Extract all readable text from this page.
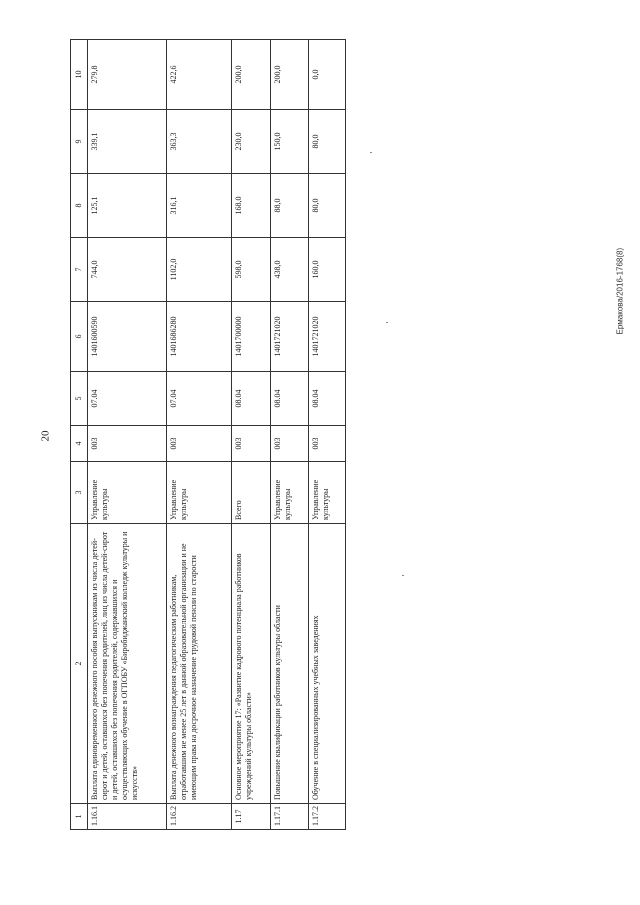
20
Ермакова/2016-1768(8)
1	2	3	4	5	6	7	8	9	10
1.16.1	Выплата единовременного денежного пособия выпускникам из числа детей-сирот и детей, оставшихся без попечения родителей, лиц из числа детей-сирот и детей, оставшихся без попечения родителей, содержавшихся и осуществляющих обучение в ОГПОБУ «Биробиджанский колледж культуры и искусств»	Управление культуры	003	07.04	1401600590	744,0	125,1	339,1	279,8
1.16.2	Выплата денежного вознаграждения педагогическим работникам, отработавшим не менее 25 лет в данной образовательной организации и не имеющим права на досрочное назначение трудовой пенсии по старости	Управление культуры	003	07.04	1401686280	1102,0	316,1	363,3	422,6
1.17	Основное мероприятие 17: «Развитие кадрового потенциала работников учреждений культуры области»	Всего	003	08.04	1401700000	598,0	168,0	230,0	200,0
1.17.1	Повышение квалификации работников культуры области	Управление культуры	003	08.04	1401721020	438,0	88,0	150,0	200,0
1.17.2	Обучение в специализированных учебных заведениях	Управление культуры	003	08.04	1401721020	160,0	80,0	80,0	0,0
